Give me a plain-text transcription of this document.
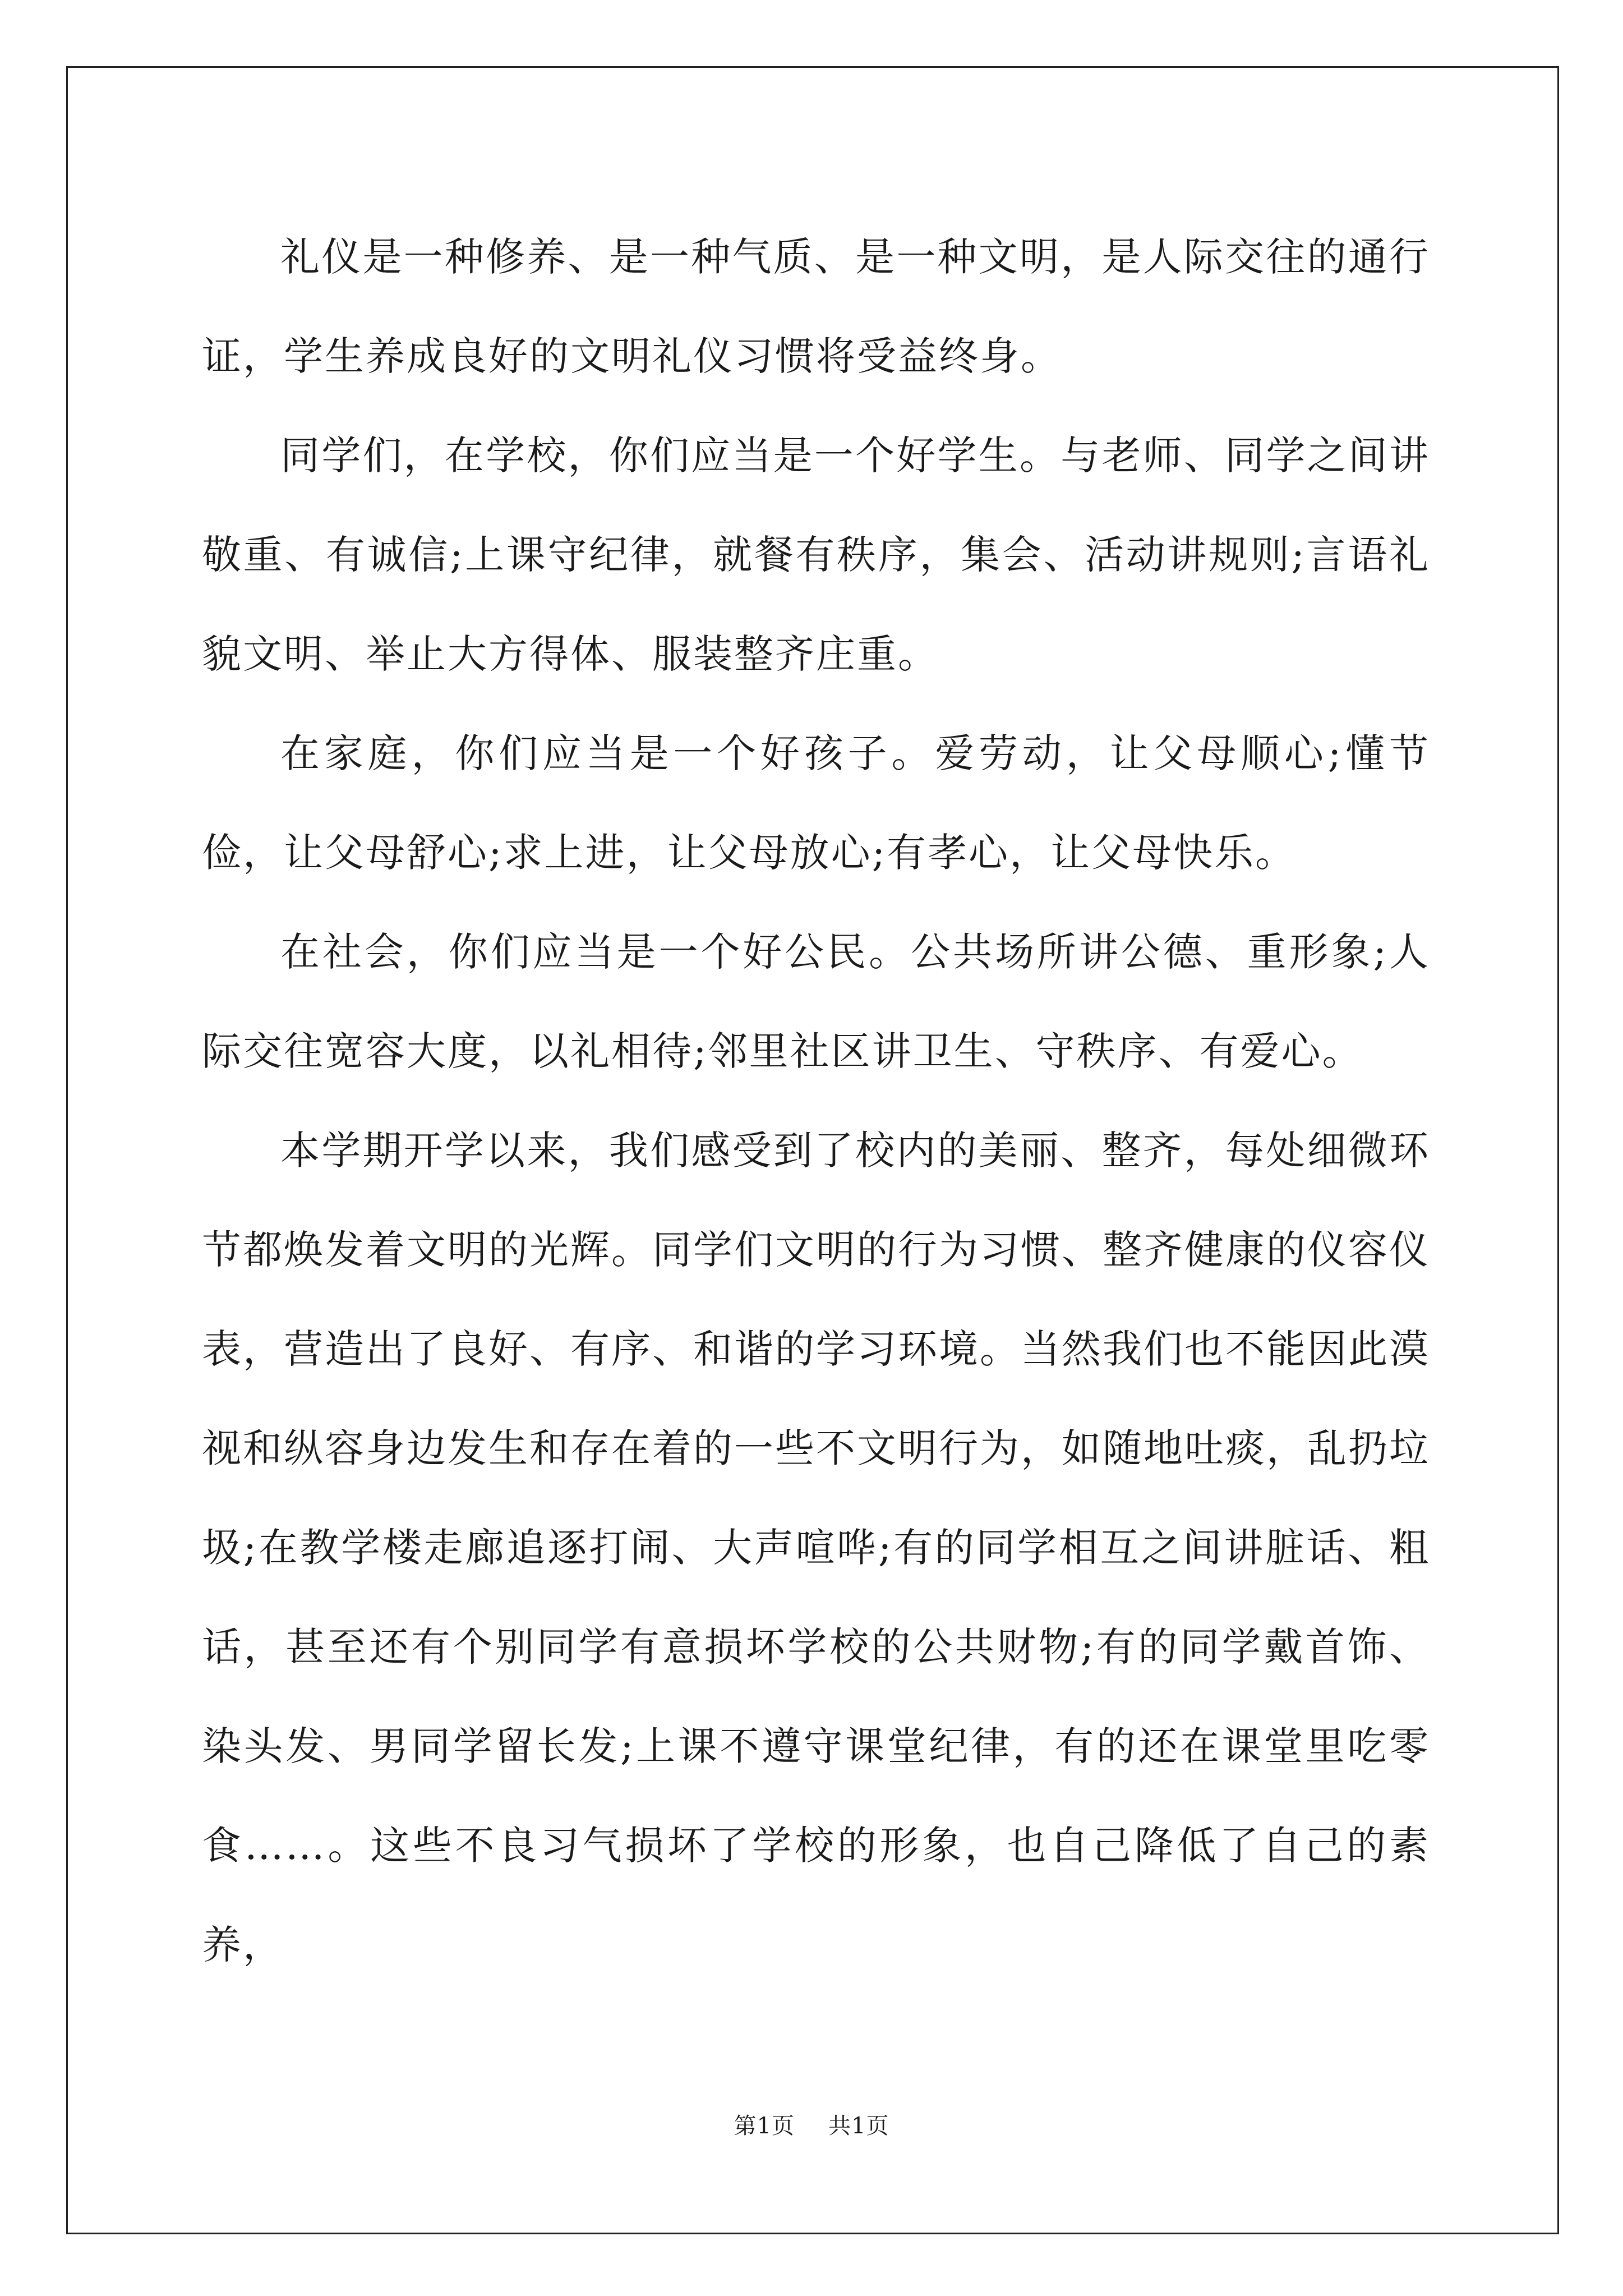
礼仪是一种修养、是一种气质、是一种文明，是人际交往的通行证，学生养成良好的文明礼仪习惯将受益终身。

同学们，在学校，你们应当是一个好学生。与老师、同学之间讲敬重、有诚信;上课守纪律，就餐有秩序，集会、活动讲规则;言语礼貌文明、举止大方得体、服装整齐庄重。

在家庭，你们应当是一个好孩子。爱劳动，让父母顺心;懂节俭，让父母舒心;求上进，让父母放心;有孝心，让父母快乐。

在社会，你们应当是一个好公民。公共场所讲公德、重形象;人际交往宽容大度，以礼相待;邻里社区讲卫生、守秩序、有爱心。

本学期开学以来，我们感受到了校内的美丽、整齐，每处细微环节都焕发着文明的光辉。同学们文明的行为习惯、整齐健康的仪容仪表，营造出了良好、有序、和谐的学习环境。当然我们也不能因此漠视和纵容身边发生和存在着的一些不文明行为，如随地吐痰，乱扔垃圾;在教学楼走廊追逐打闹、大声喧哗;有的同学相互之间讲脏话、粗话，甚至还有个别同学有意损坏学校的公共财物;有的同学戴首饰、染头发、男同学留长发;上课不遵守课堂纪律，有的还在课堂里吃零食……。这些不良习气损坏了学校的形象，也自己降低了自己的素养，

第1页 共1页
